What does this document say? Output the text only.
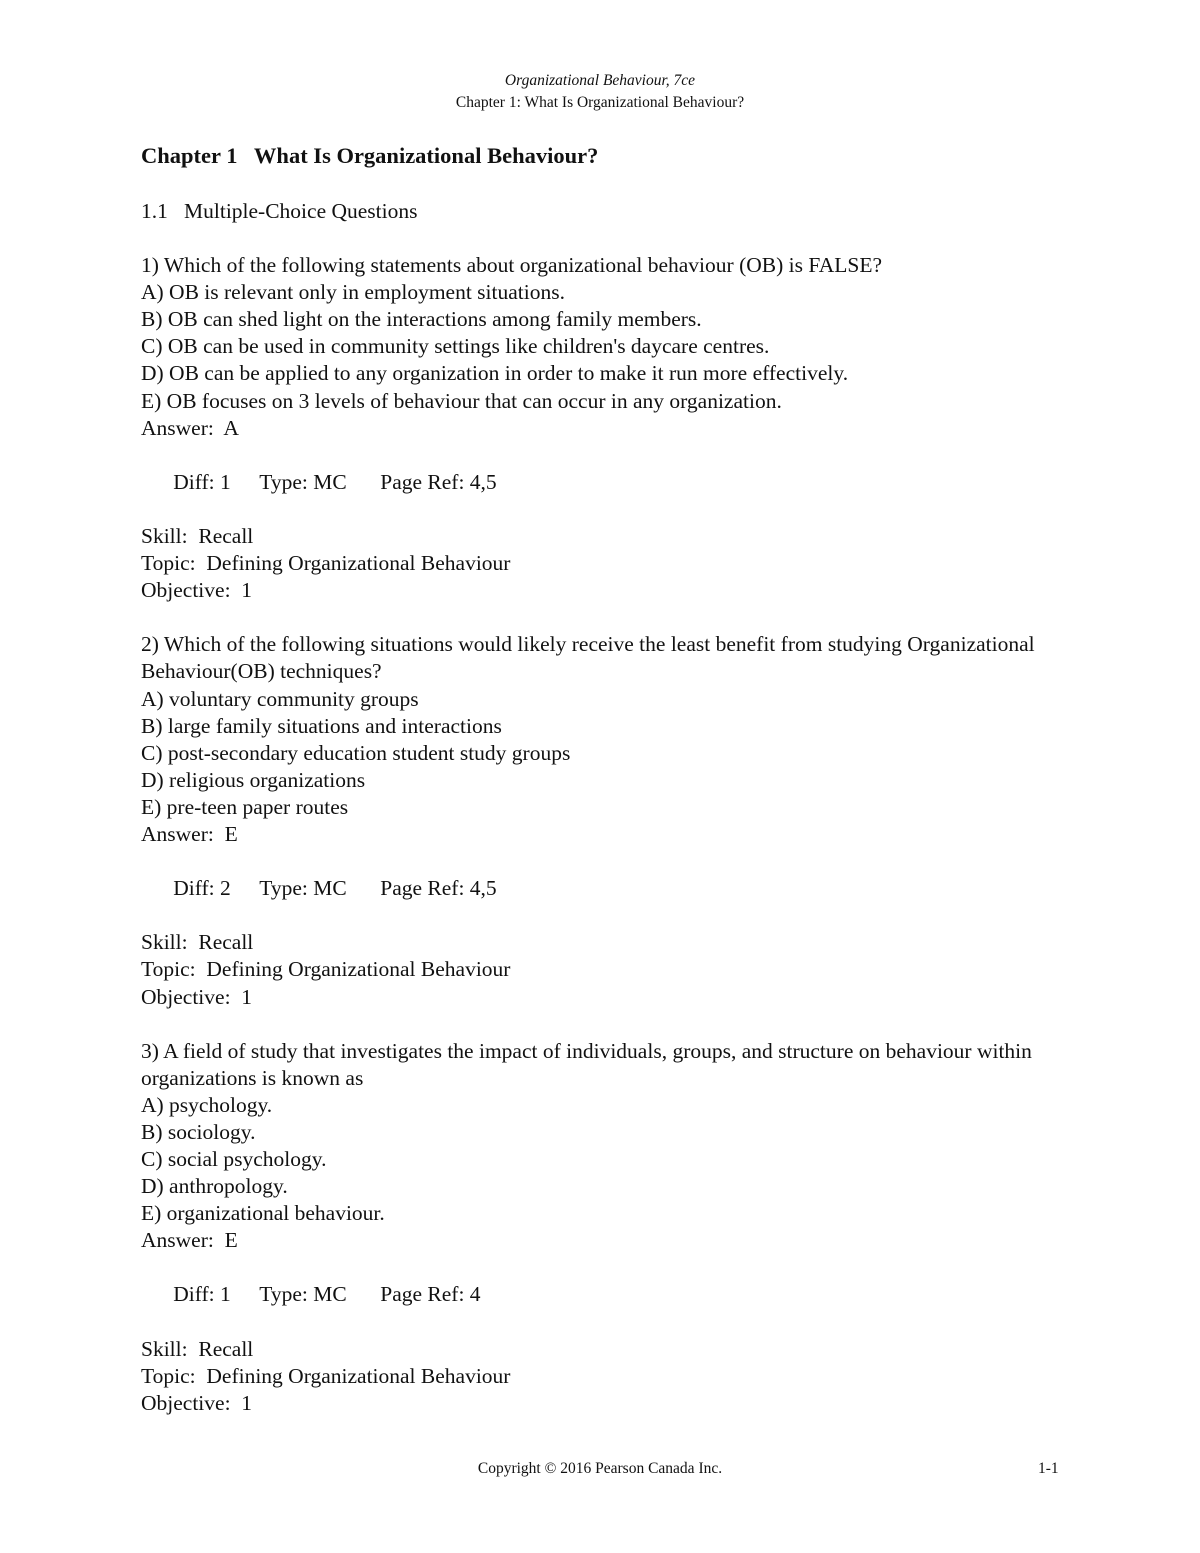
Organizational Behaviour, 7ce
Chapter 1: What Is Organizational Behaviour?
Chapter 1   What Is Organizational Behaviour?
1.1   Multiple-Choice Questions
1) Which of the following statements about organizational behaviour (OB) is FALSE?
A) OB is relevant only in employment situations.
B) OB can shed light on the interactions among family members.
C) OB can be used in community settings like children's daycare centres.
D) OB can be applied to any organization in order to make it run more effectively.
E) OB focuses on 3 levels of behaviour that can occur in any organization.
Answer:  A

Diff: 1 Type: MC Page Ref: 4,5

Skill:  Recall
Topic:  Defining Organizational Behaviour
Objective:  1
2) Which of the following situations would likely receive the least benefit from studying Organizational Behaviour(OB) techniques?
A) voluntary community groups
B) large family situations and interactions
C) post-secondary education student study groups
D) religious organizations
E) pre-teen paper routes
Answer:  E

Diff: 2 Type: MC Page Ref: 4,5

Skill:  Recall
Topic:  Defining Organizational Behaviour
Objective:  1
3) A field of study that investigates the impact of individuals, groups, and structure on behaviour within organizations is known as
A) psychology.
B) sociology.
C) social psychology.
D) anthropology.
E) organizational behaviour.
Answer:  E

Diff: 1 Type: MC Page Ref: 4

Skill:  Recall
Topic:  Defining Organizational Behaviour
Objective:  1
Copyright © 2016 Pearson Canada Inc.	1-1
